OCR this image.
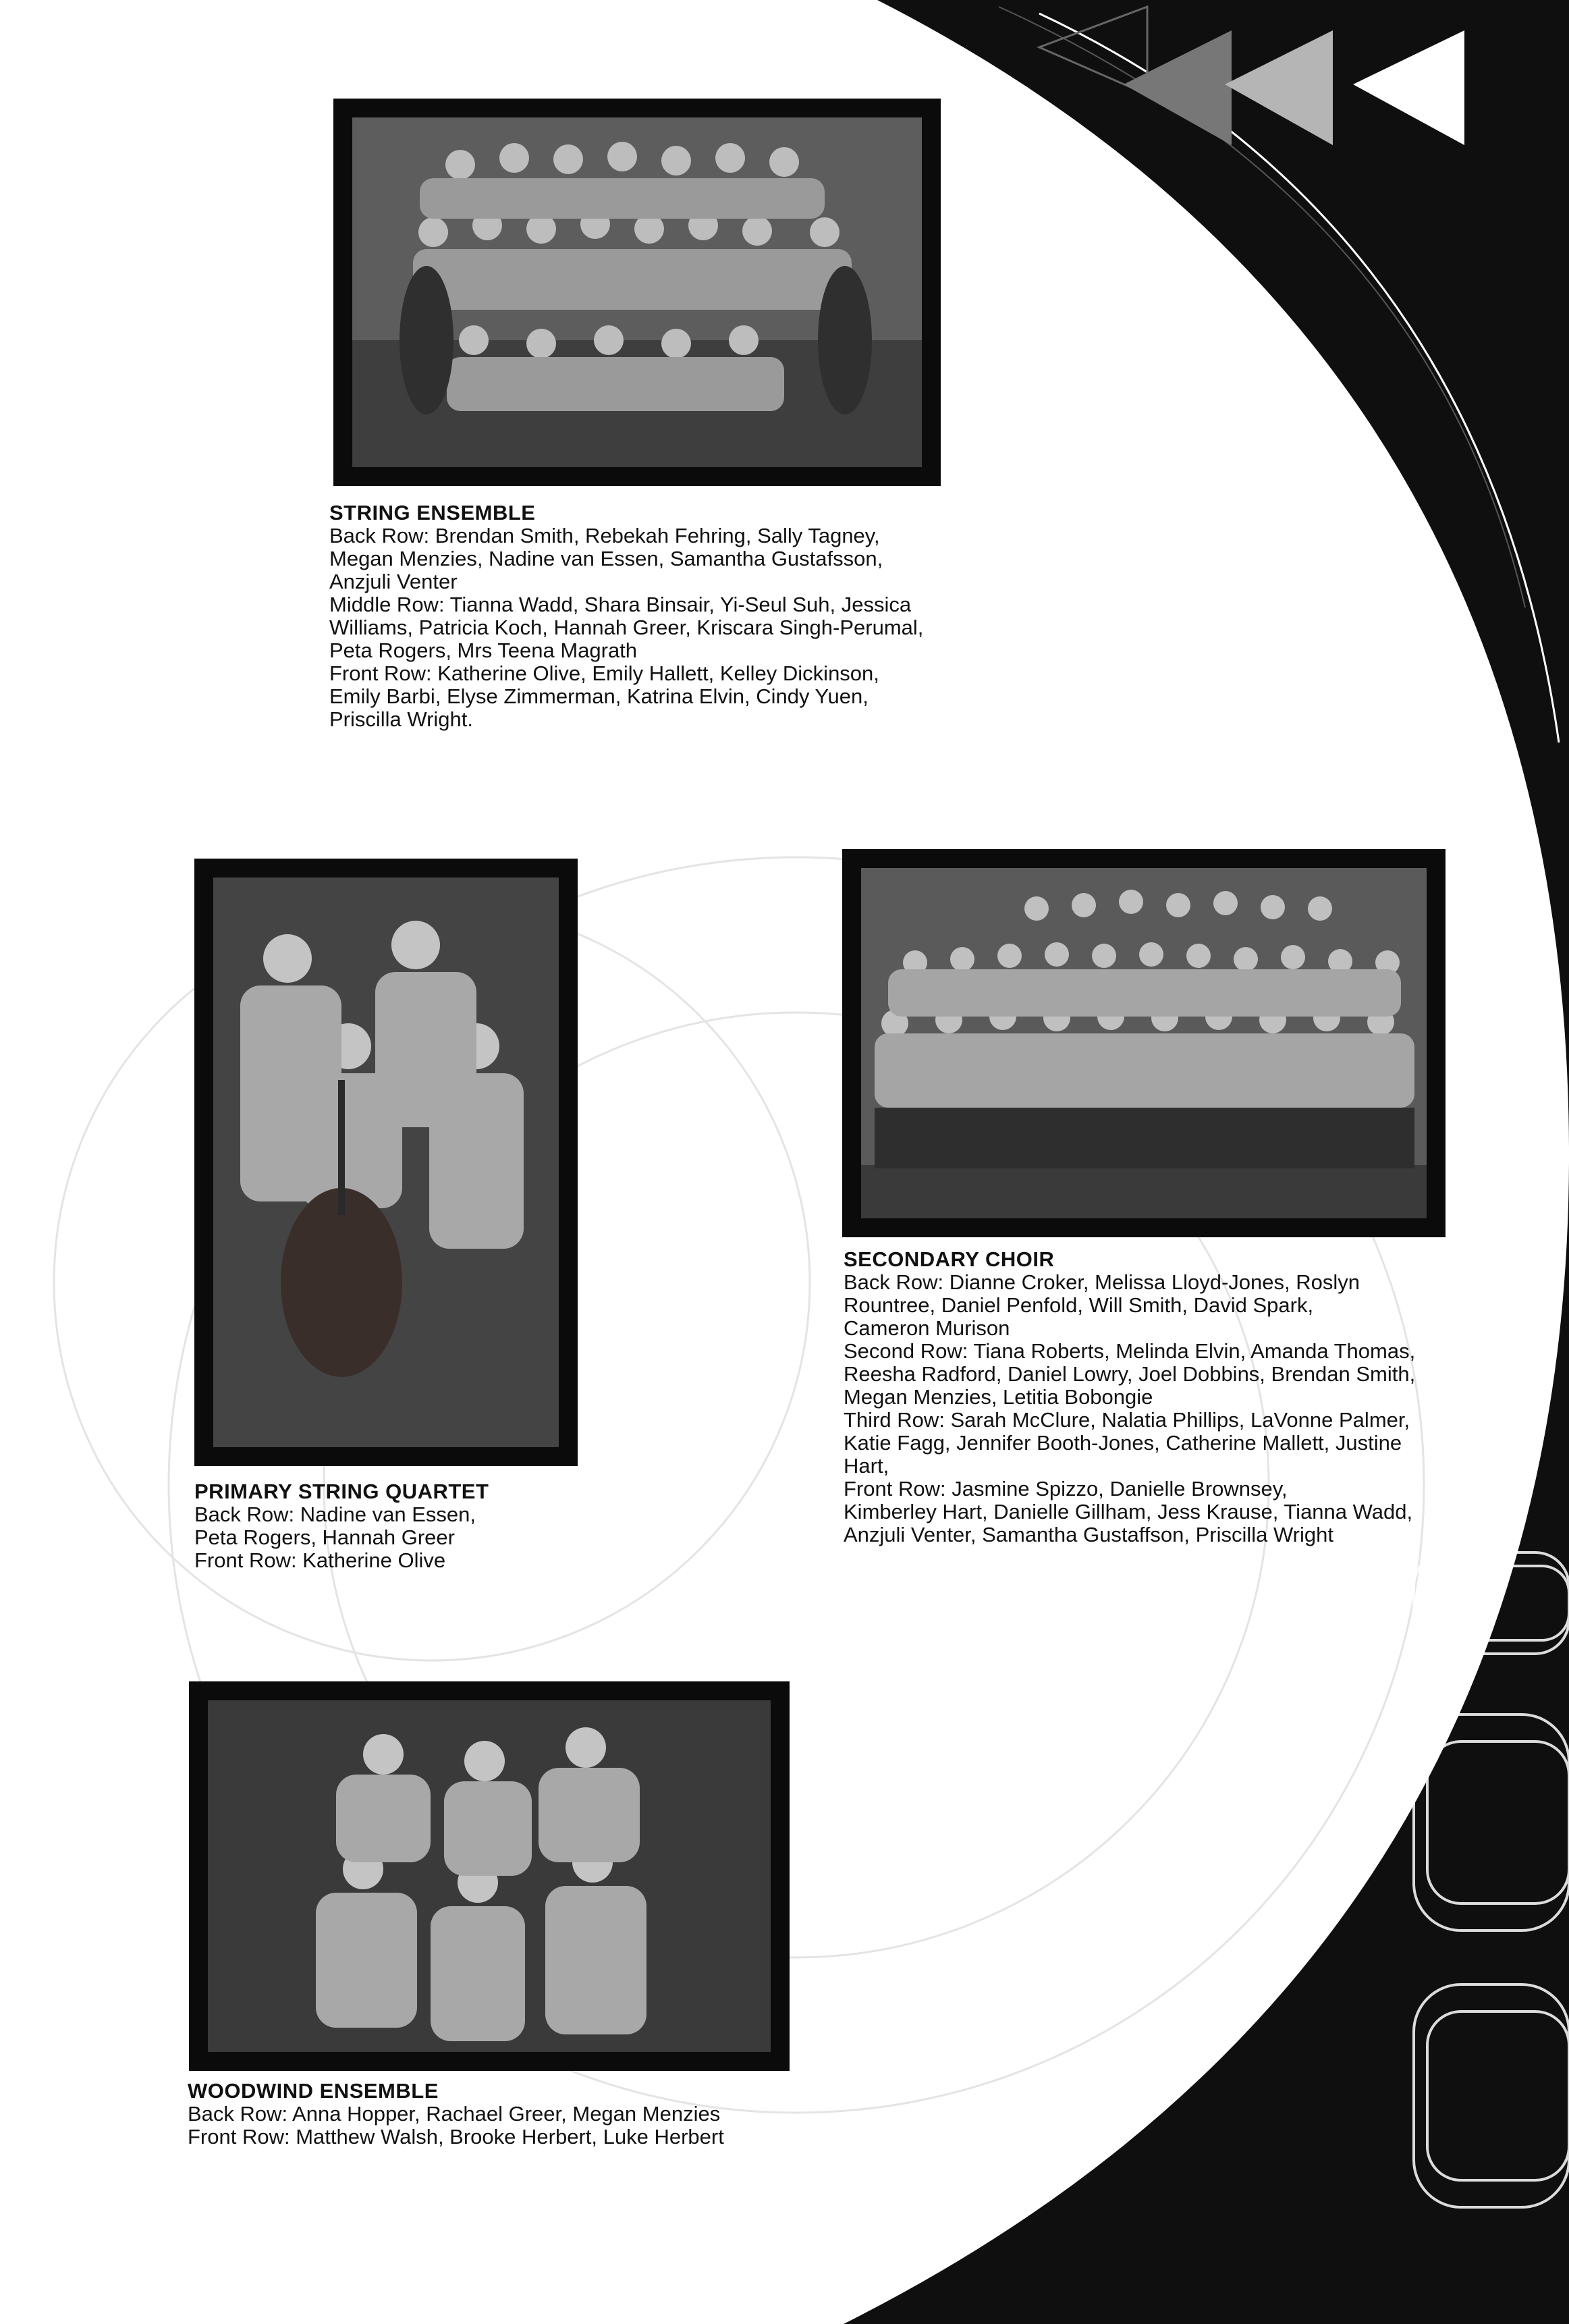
STRING ENSEMBLE
Back Row: Brendan Smith, Rebekah Fehring, Sally Tagney,
Megan Menzies, Nadine van Essen, Samantha Gustafsson,
Anzjuli Venter
Middle Row: Tianna Wadd, Shara Binsair, Yi-Seul Suh, Jessica
Williams, Patricia Koch, Hannah Greer, Kriscara Singh-Perumal,
Peta Rogers, Mrs Teena Magrath
Front Row: Katherine Olive, Emily Hallett, Kelley Dickinson,
Emily Barbi, Elyse Zimmerman, Katrina Elvin, Cindy Yuen,
Priscilla Wright.
PRIMARY STRING QUARTET
Back Row: Nadine van Essen,
Peta Rogers, Hannah Greer
Front Row: Katherine Olive
SECONDARY CHOIR
Back Row: Dianne Croker, Melissa Lloyd-Jones, Roslyn
Rountree, Daniel Penfold, Will Smith, David Spark,
Cameron Murison
Second Row: Tiana Roberts, Melinda Elvin, Amanda Thomas,
Reesha Radford, Daniel Lowry, Joel Dobbins, Brendan Smith,
Megan Menzies, Letitia Bobongie
Third Row: Sarah McClure, Nalatia Phillips, LaVonne Palmer,
Katie Fagg, Jennifer Booth-Jones, Catherine Mallett, Justine
Hart,
Front Row: Jasmine Spizzo, Danielle Brownsey,
Kimberley Hart, Danielle Gillham, Jess Krause, Tianna Wadd,
Anzjuli Venter, Samantha Gustaffson, Priscilla Wright
WOODWIND ENSEMBLE
Back Row: Anna Hopper, Rachael Greer, Megan Menzies
Front Row: Matthew Walsh, Brooke Herbert, Luke Herbert
